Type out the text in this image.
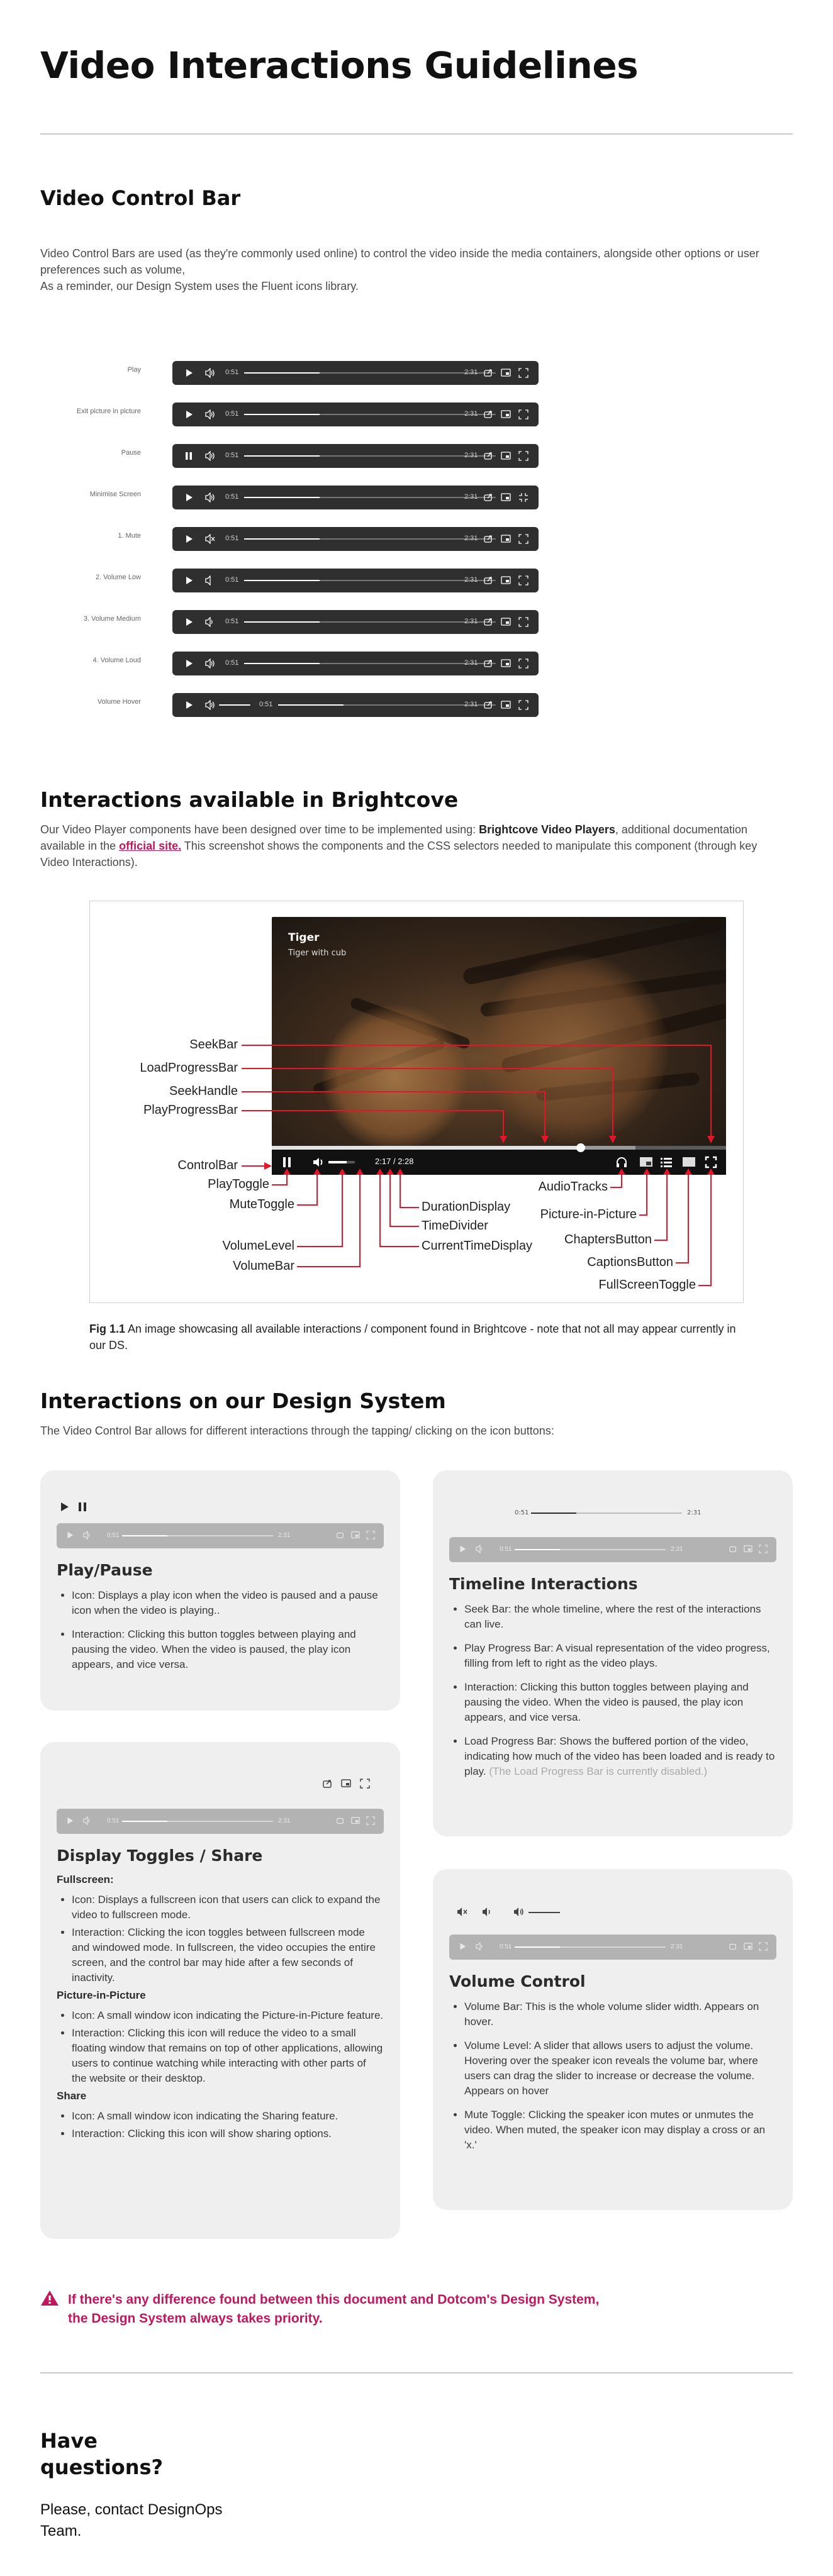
Video Interactions Guidelines
Video Control Bar
Video Control Bars are used (as they're commonly used online) to control the video inside the media containers, alongside other options or user preferences such as volume,
As a reminder, our Design System uses the Fluent icons library.
Play	0:51	2:31
Exit picture in picture	0:51	2:31
Pause	0:51	2:31
Minimise Screen	0:51	2:31
1. Mute	0:51	2:31
2. Volume Low	0:51	2:31
3. Volume Medium	0:51	2:31
4. Volume Loud	0:51	2:31
Volume Hover	0:51	2:31
Interactions available in Brightcove
Our Video Player components have been designed over time to be implemented using: Brightcove Video Players, additional documentation available in the official site. This screenshot shows the components and the CSS selectors needed to manipulate this component (through key Video Interactions).
Tiger
Tiger with cub
2:17 / 2:28
SeekBar
LoadProgressBar
SeekHandle
PlayProgressBar
ControlBar
PlayToggle
MuteToggle
VolumeLevel
VolumeBar
DurationDisplay
TimeDivider
CurrentTimeDisplay
AudioTracks
Picture-in-Picture
ChaptersButton
CaptionsButton
FullScreenToggle
Fig 1.1 An image showcasing all available interactions / component found in Brightcove - note that not all may appear currently in our DS.
Interactions on our Design System
The Video Control Bar allows for different interactions through the tapping/ clicking on the icon buttons:
0:51	2:31
Play/Pause
• Icon: Displays a play icon when the video is paused and a pause icon when the video is playing..
• Interaction: Clicking this button toggles between playing and pausing the video. When the video is paused, the play icon appears, and vice versa.
0:51	2:31
0:51	2:31
Timeline Interactions
• Seek Bar: the whole timeline, where the rest of the interactions can live.
• Play Progress Bar: A visual representation of the video progress, filling from left to right as the video plays.
• Interaction: Clicking this button toggles between playing and pausing the video. When the video is paused, the play icon appears, and vice versa.
• Load Progress Bar: Shows the buffered portion of the video, indicating how much of the video has been loaded and is ready to play. (The Load Progress Bar is currently disabled.)
0:51	2:31
Display Toggles / Share
Fullscreen:
• Icon: Displays a fullscreen icon that users can click to expand the video to fullscreen mode.
• Interaction: Clicking the icon toggles between fullscreen mode and windowed mode. In fullscreen, the video occupies the entire screen, and the control bar may hide after a few seconds of inactivity.
Picture-in-Picture
• Icon: A small window icon indicating the Picture-in-Picture feature.
• Interaction: Clicking this icon will reduce the video to a small floating window that remains on top of other applications, allowing users to continue watching while interacting with other parts of the website or their desktop.
Share
• Icon: A small window icon indicating the Sharing feature.
• Interaction: Clicking this icon will show sharing options.
0:51	2:31
Volume Control
• Volume Bar: This is the whole volume slider width. Appears on hover.
• Volume Level: A slider that allows users to adjust the volume. Hovering over the speaker icon reveals the volume bar, where users can drag the slider to increase or decrease the volume. Appears on hover
• Mute Toggle: Clicking the speaker icon mutes or unmutes the video. When muted, the speaker icon may display a cross or an 'x.'
If there's any difference found between this document and Dotcom's Design System,
the Design System always takes priority.
Have
questions?

Please, contact DesignOps

Team.
